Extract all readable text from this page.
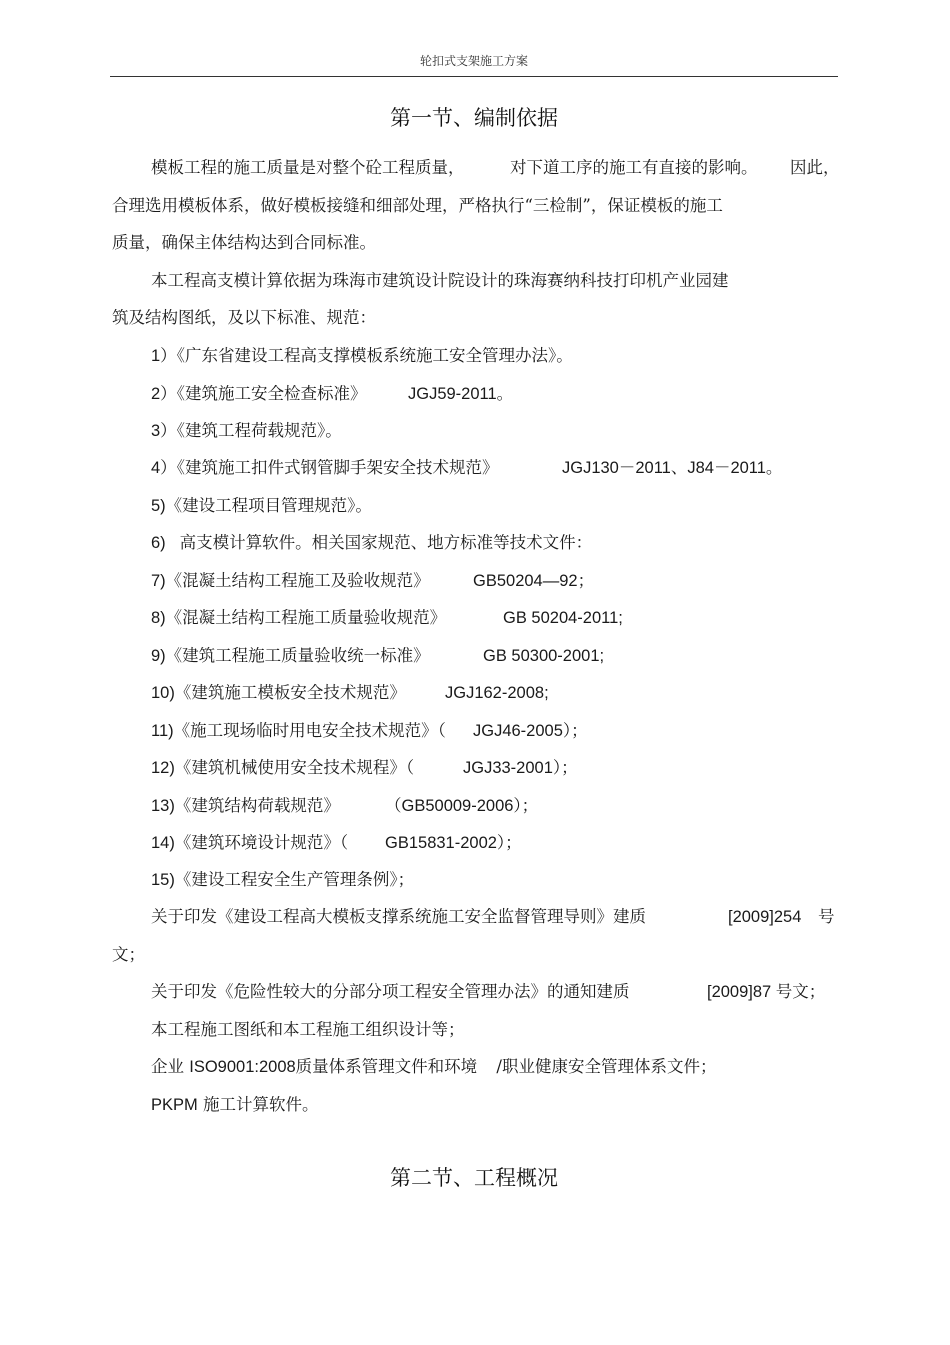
轮扣式支架施工方案
第一节、编制依据
模板工程的施工质量是对整个砼工程质量，	对下道工序的施工有直接的影响。 因此，
合理选用模板体系，做好模板接缝和细部处理，严格执行“三检制”，保证模板的施工
质量，确保主体结构达到合同标准。
本工程高支模计算依据为珠海市建筑设计院设计的珠海赛纳科技打印机产业园建
筑及结构图纸，及以下标准、规范：
1）《广东省建设工程高支撑模板系统施工安全管理办法》。
2）《建筑施工安全检查标准》	JGJ59-2011。
3）《建筑工程荷载规范》。
4）《建筑施工扣件式钢管脚手架安全技术规范》	JGJ130－2011、J84－2011。
5)《建设工程项目管理规范》。
6) 高支模计算软件。相关国家规范、地方标准等技术文件：
7)《混凝土结构工程施工及验收规范》	GB50204—92；
8)《混凝土结构工程施工质量验收规范》	GB 50204-2011;
9)《建筑工程施工质量验收统一标准》	GB 50300-2001;
10)《建筑施工模板安全技术规范》 JGJ162-2008;
11)《施工现场临时用电安全技术规范》（ JGJ46-2005）；
12)《建筑机械使用安全技术规程》（	JGJ33-2001）；
13)《建筑结构荷载规范》	（GB50009-2006）；
14)《建筑环境设计规范》（ GB15831-2002）；
15)《建设工程安全生产管理条例》；
关于印发《建设工程高大模板支撑系统施工安全监督管理导则》建质	[2009]254 号
文；
关于印发《危险性较大的分部分项工程安全管理办法》的通知建质	[2009]87 号文；
本工程施工图纸和本工程施工组织设计等；
企业 ISO9001:2008质量体系管理文件和环境 /职业健康安全管理体系文件；
PKPM 施工计算软件。
第二节、工程概况
